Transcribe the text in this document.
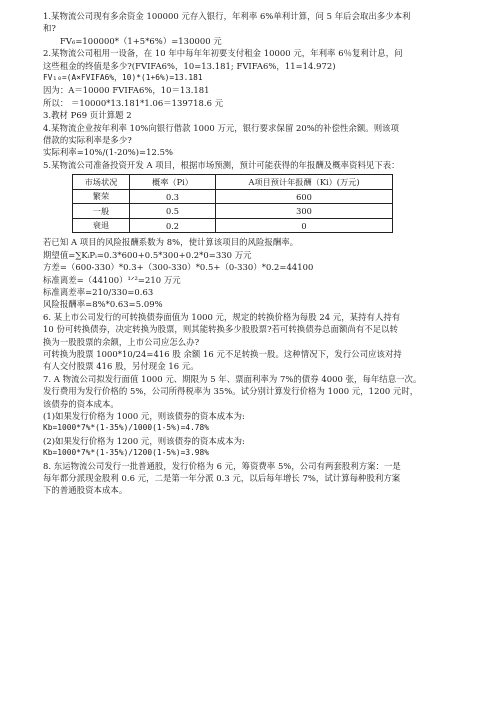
1.某物流公司现有多余资金 100000 元存入银行，年利率 6%单利计算，问 5 年后会取出多少本利
和?
FV₆=100000*（1+5*6%）=130000 元
2.某物流公司租用一设备，在 10 年中每年年初要支付租金 10000 元，年利率 6％复利计息，问
这些租金的终值是多少?(FVIFA6%，10=13.181; FVIFA6%，11=14.972)
FV₁₀=(A×FVIFA6%，10)*(1+6%)=13.181
因为：A＝10000 FVIFA6%，10＝13.181
所以： ＝10000*13.181*1.06＝139718.6 元
3.教材 P69 页计算题 2
4.某物流企业按年利率 10%向银行借款 1000 万元，银行要求保留 20%的补偿性余额。则该项
借款的实际利率是多少?
实际利率=10%/(1-20%)=12.5%
5.某物流公司准备投资开发 A 项目，根据市场预测，预计可能获得的年报酬及概率资料见下表：
市场状况	概率（Pi）	A项目预计年报酬（Ki）(万元)
繁荣	0.3	600
一般	0.5	300
衰退	0.2	0
若已知 A 项目的风险报酬系数为 8%，使计算该项目的风险报酬率。
期望值=∑KᵢPᵢ=0.3*600+0.5*300+0.2*0=330 万元
方差=（600-330）*0.3+（300-330）*0.5+（0-330）*0.2=44100
标准离差=（44100）¹ᐟ²=210 万元
标准离差率=210/330=0.63
风险报酬率=8%*0.63=5.09%
6. 某上市公司发行的可转换债券面值为 1000 元，规定的转换价格为每股 24 元，某持有人持有
10 份可转换债券，决定转换为股票，则其能转换多少股股票?若可转换债券总面额尚有不足以转
换为一股股票的余额，上市公司应怎么办?
可转换为股票 1000*10/24=416 股 余额 16 元不足转换一股。这种情况下，发行公司应该对持
有人交付股票 416 股，另付现金 16 元。
7. A 物流公司拟发行面值 1000 元、期限为 5 年、票面利率为 7%的债券 4000 张，每年结息一次。
发行费用为发行价格的 5%，公司所得税率为 35%。试分别计算发行价格为 1000 元，1200 元时，
该债券的资本成本。
(1)如果发行价格为 1000 元，则该债券的资本成本为:
Kb=1000*7%*(1-35%)/1000(1-5%)=4.78%
(2)如果发行价格为 1200 元，则该债券的资本成本为:
Kb=1000*7%*(1-35%)/1200(1-5%)=3.98%
8. 东运物流公司发行一批普通股，发行价格为 6 元，筹资费率 5%，公司有两套股利方案：一是
每年都分派现金股利 0.6 元，二是第一年分派 0.3 元，以后每年增长 7%，试计算每种股利方案
下的普通股资本成本。
